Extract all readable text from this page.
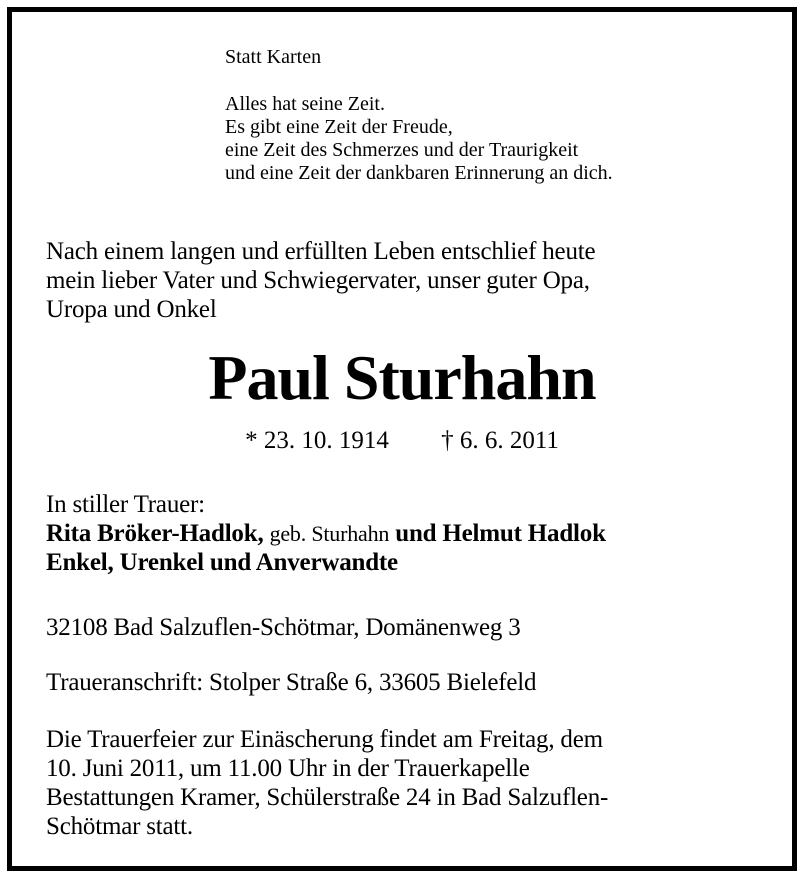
Statt Karten
Alles hat seine Zeit.
Es gibt eine Zeit der Freude,
eine Zeit des Schmerzes und der Traurigkeit
und eine Zeit der dankbaren Erinnerung an dich.
Nach einem langen und erfüllten Leben entschlief heute
mein lieber Vater und Schwiegervater, unser guter Opa,
Uropa und Onkel
Paul Sturhahn
* 23. 10. 1914 † 6. 6. 2011
In stiller Trauer:
Rita Bröker-Hadlok, geb. Sturhahn und Helmut Hadlok
Enkel, Urenkel und Anverwandte
32108 Bad Salzuflen-Schötmar, Domänenweg 3
Traueranschrift: Stolper Straße 6, 33605 Bielefeld
Die Trauerfeier zur Einäscherung findet am Freitag, dem
10. Juni 2011, um 11.00 Uhr in der Trauerkapelle
Bestattungen Kramer, Schülerstraße 24 in Bad Salzuflen-
Schötmar statt.
